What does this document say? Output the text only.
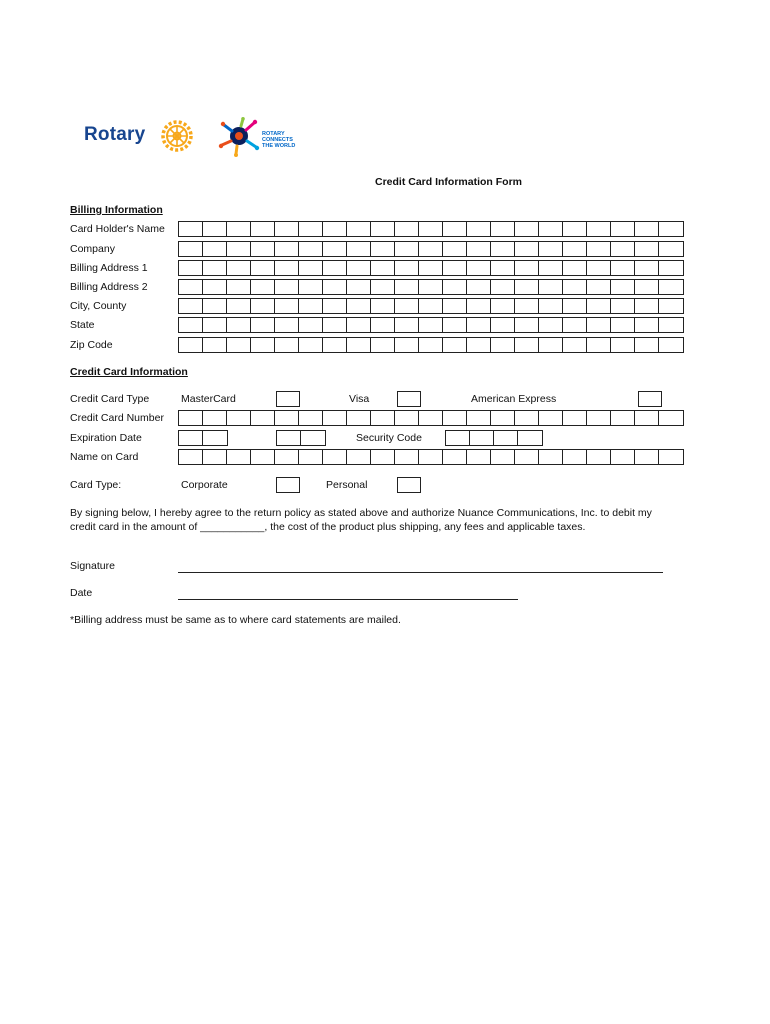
Rotary	ROTARY
CONNECTS
THE WORLD
Credit Card Information Form
Billing Information
Card Holder's Name
Company
Billing Address 1
Billing Address 2
City, County
State
Zip Code
Credit Card Information
Credit Card Type	MasterCard	Visa	American Express
Credit Card Number
Expiration Date	Security Code
Name on Card
Card Type:	Corporate	Personal
By signing below, I hereby agree to the return policy as stated above and authorize Nuance Communications, Inc. to debit my
credit card in the amount of ___________, the cost of the product plus shipping, any fees and applicable taxes.
Signature
Date
*Billing address must be same as to where card statements are mailed.
